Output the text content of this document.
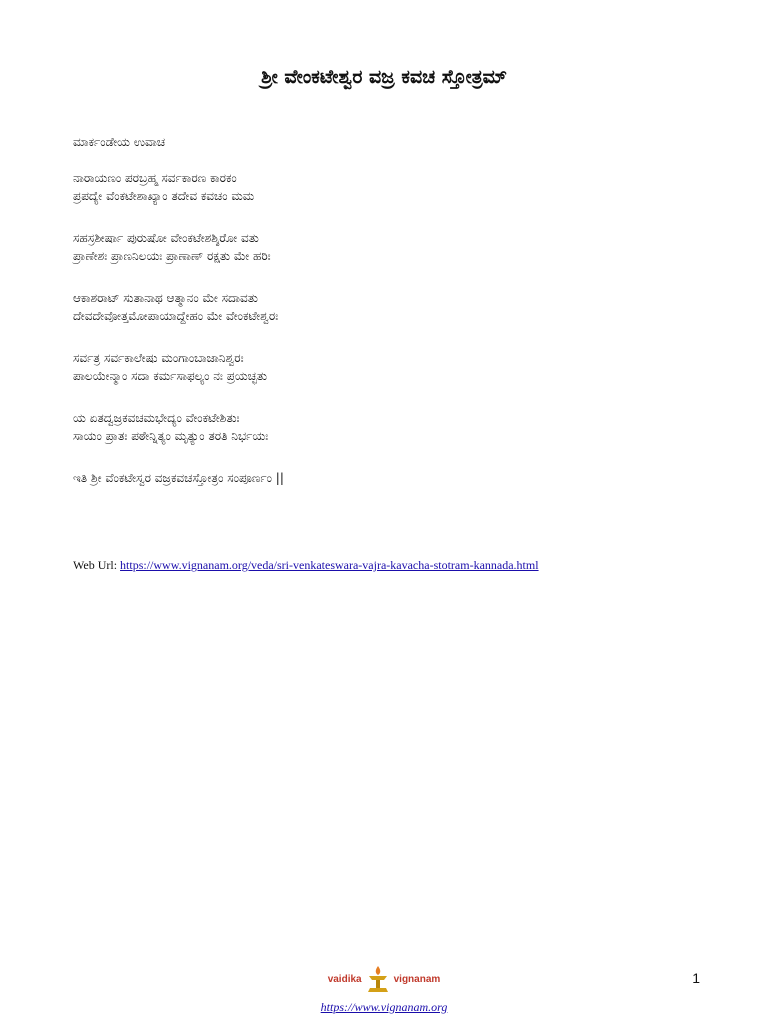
ಶ್ರೀ ವೇಂಕಟೇಶ್ವರ ವಜ್ರ ಕವಚ ಸ್ತೋತ್ರಮ್
ಮಾರ್ಕಂಡೇಯ ಉವಾಚ
ನಾರಾಯಣಂ ಪರಬ್ರಹ್ಮ ಸರ್ವಕಾರಣ ಕಾರಕಂ
ಪ್ರಪದ್ಯೇ ವೆಂಕಟೇಶಾಖ್ಯಾಂ ತದೇವ ಕವಚಂ ಮಮ
ಸಹಸ್ರಶೀರ್ಷಾ ಪುರುಷೋ ವೇಂಕಟೇಶಶ್ಶಿರೋ ವತು
ಪ್ರಾಣೇಶಃ ಪ್ರಾಣನಿಲಯಃ ಪ್ರಾಣಾಣ್ ರಕ್ಷತು ಮೇ ಹರಿಃ
ಆಕಾಶರಾಟ್ ಸುತಾನಾಥ ಆತ್ಮಾನಂ ಮೇ ಸದಾವತು
ದೇವದೇವೋತ್ತಮೋಪಾಯಾದ್ದೇಹಂ ಮೇ ವೇಂಕಟೇಶ್ವರಃ
ಸರ್ವತ್ರ ಸರ್ವಕಾಲೇಷು ಮಂಗಾಂಬಾಜಾನಿಶ್ವರಃ
ಪಾಲಯೇನ್ಮಾಂ ಸದಾ ಕರ್ಮಸಾಫಲ್ಯಂ ನಃ ಪ್ರಯಚ್ಛತು
ಯ ಏತದ್ವಜ್ರಕವಚಮಭೇದ್ಯಂ ವೇಂಕಟೇಶಿತುಃ
ಸಾಯಂ ಪ್ರಾತಃ ಪಠೇನ್ನಿತ್ಯಂ ಮೃತ್ಯುಂ ತರತಿ ನಿರ್ಭಯಃ
ಇತಿ ಶ್ರೀ ವೆಂಕಟೇಸ್ವರ ವಜ್ರಕವಚಸ್ತೋತ್ರಂ ಸಂಪೂರ್ಣಂ ||
Web Url: https://www.vignanam.org/veda/sri-venkateswara-vajra-kavacha-stotram-kannada.html
1
vaidika	vignanam
https://www.vignanam.org
